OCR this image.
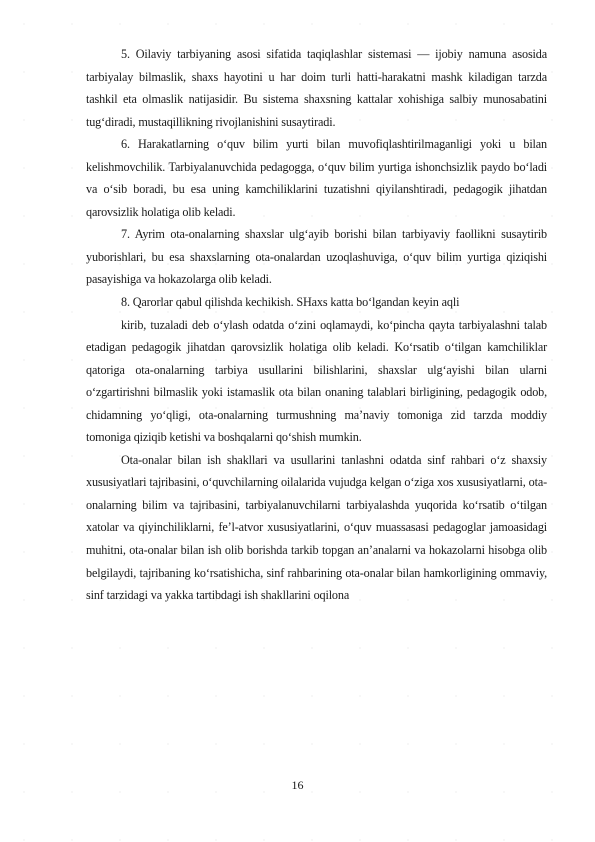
5. Oilaviy tarbiyaning asosi sifatida taqiqlashlar sistemasi — ijobiy namuna asosida tarbiyalay bilmaslik, shaxs hayotini u har doim turli hatti-harakatni mashk kiladigan tarzda tashkil eta olmaslik natijasidir. Bu sistema shaxsning kattalar xohishiga salbiy munosabatini tug‘diradi, mustaqillikning rivojlanishini susaytiradi.

6. Harakatlarning o‘quv bilim yurti bilan muvofiqlashtirilmaganligi yoki u bilan kelishmovchilik. Tarbiyalanuvchida pedagogga, o‘quv bilim yurtiga ishonchsizlik paydo bo‘ladi va o‘sib boradi, bu esa uning kamchiliklarini tuzatishni qiyilanshtiradi, pedagogik jihatdan qarovsizlik holatiga olib keladi.

7. Ayrim ota-onalarning shaxslar ulg‘ayib borishi bilan tarbiyaviy faollikni susaytirib yuborishlari, bu esa shaxslarning ota-onalardan uzoqlashuviga, o‘quv bilim yurtiga qiziqishi pasayishiga va hokazolarga olib keladi.

8. Qarorlar qabul qilishda kechikish. SHaxs katta bo‘lgandan keyin aqli

kirib, tuzaladi deb o‘ylash odatda o‘zini oqlamaydi, ko‘pincha qayta tarbiyalashni talab etadigan pedagogik jihatdan qarovsizlik holatiga olib keladi. Ko‘rsatib o‘tilgan kamchiliklar qatoriga ota-onalarning tarbiya usullarini bilishlarini, shaxslar ulg‘ayishi bilan ularni o‘zgartirishni bilmaslik yoki istamaslik ota bilan onaning talablari birligining, pedagogik odob, chidamning yo‘qligi, ota-onalarning turmushning ma’naviy tomoniga zid tarzda moddiy tomoniga qiziqib ketishi va boshqalarni qo‘shish mumkin.

Ota-onalar bilan ish shakllari va usullarini tanlashni odatda sinf rahbari o‘z shaxsiy xususiyatlari tajribasini, o‘quvchilarning oilalarida vujudga kelgan o‘ziga xos xususiyatlarni, ota-onalarning bilim va tajribasini, tarbiyalanuvchilarni tarbiyalashda yuqorida ko‘rsatib o‘tilgan xatolar va qiyinchiliklarni, fe’l-atvor xususiyatlarini, o‘quv muassasasi pedagoglar jamoasidagi muhitni, ota-onalar bilan ish olib borishda tarkib topgan an’analarni va hokazolarni hisobga olib belgilaydi, tajribaning ko‘rsatishicha, sinf rahbarining ota-onalar bilan hamkorligining ommaviy, sinf tarzidagi va yakka tartibdagi ish shakllarini oqilona

16
